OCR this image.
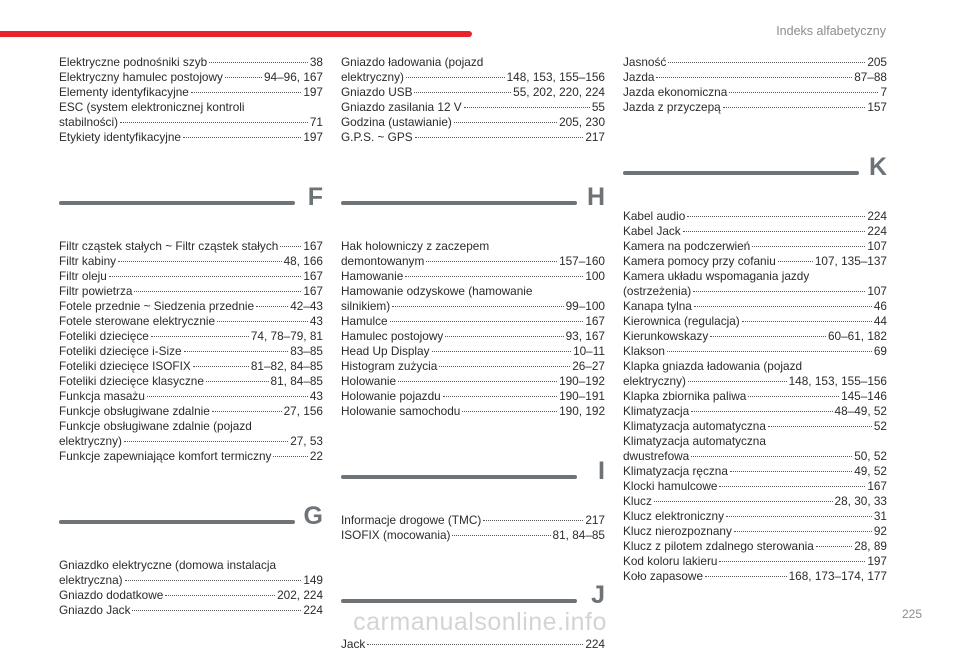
Indeks alfabetyczny
Elektryczne podnośniki szyb	38
Elektryczny hamulec postojowy	94–96, 167
Elementy identyfikacyjne	197
ESC (system elektronicznej kontroli
stabilności)	71
Etykiety identyfikacyjne	197
F
Filtr cząstek stałych ~ Filtr cząstek stałych 167
Filtr kabiny	48, 166
Filtr oleju	167
Filtr powietrza	167
Fotele przednie ~ Siedzenia przednie	42–43
Fotele sterowane elektrycznie	43
Foteliki dziecięce	74, 78–79, 81
Foteliki dziecięce i-Size	83–85
Foteliki dziecięce ISOFIX	81–82, 84–85
Foteliki dziecięce klasyczne	81, 84–85
Funkcja masażu	43
Funkcje obsługiwane zdalnie	27, 156
Funkcje obsługiwane zdalnie (pojazd
elektryczny)	27, 53
Funkcje zapewniające komfort termiczny	22
G
Gniazdko elektryczne (domowa instalacja
elektryczna)	149
Gniazdo dodatkowe	202, 224
Gniazdo Jack	224
Gniazdo ładowania (pojazd
elektryczny)	148, 153, 155–156
Gniazdo USB	55, 202, 220, 224
Gniazdo zasilania 12 V	55
Godzina (ustawianie)	205, 230
G.P.S. ~ GPS	217
H
Hak holowniczy z zaczepem
demontowanym	157–160
Hamowanie	100
Hamowanie odzyskowe (hamowanie
silnikiem)	99–100
Hamulce	167
Hamulec postojowy	93, 167
Head Up Display	10–11
Histogram zużycia	26–27
Holowanie	190–192
Holowanie pojazdu	190–191
Holowanie samochodu	190, 192
I
Informacje drogowe (TMC)	217
ISOFIX (mocowania)	81, 84–85
J
Jack	224
Jasność	205
Jazda	87–88
Jazda ekonomiczna	7
Jazda z przyczepą	157
K
Kabel audio	224
Kabel Jack	224
Kamera na podczerwień	107
Kamera pomocy przy cofaniu	107, 135–137
Kamera układu wspomagania jazdy
(ostrzeżenia)	107
Kanapa tylna	46
Kierownica (regulacja)	44
Kierunkowskazy	60–61, 182
Klakson	69
Klapka gniazda ładowania (pojazd
elektryczny)	148, 153, 155–156
Klapka zbiornika paliwa	145–146
Klimatyzacja	48–49, 52
Klimatyzacja automatyczna	52
Klimatyzacja automatyczna
dwustrefowa	50, 52
Klimatyzacja ręczna	49, 52
Klocki hamulcowe	167
Klucz	28, 30, 33
Klucz elektroniczny	31
Klucz nierozpoznany	92
Klucz z pilotem zdalnego sterowania	28, 89
Kod koloru lakieru	197
Koło zapasowe	168, 173–174, 177
225
carmanualsonline.info
